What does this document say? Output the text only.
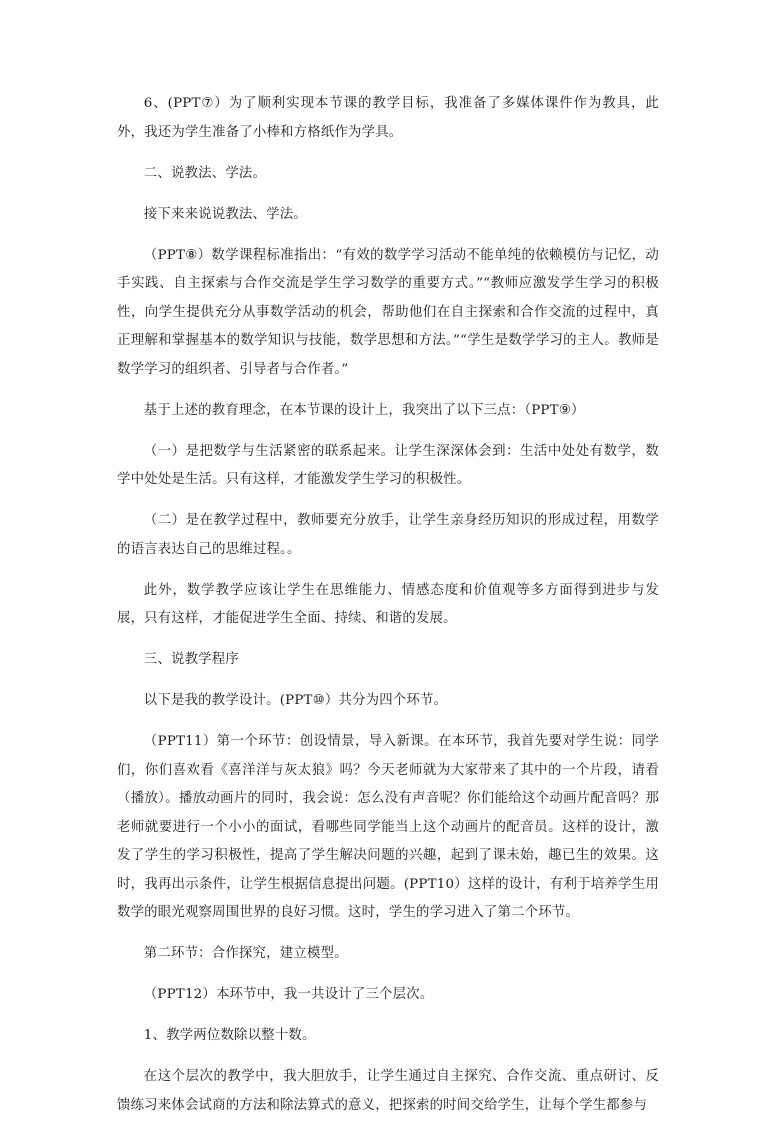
6、(PPT⑦）为了顺利实现本节课的教学目标，我准备了多媒体课件作为教具，此外，我还为学生准备了小棒和方格纸作为学具。

二、说教法、学法。

接下来来说说教法、学法。

（PPT⑧）数学课程标准指出：“有效的数学学习活动不能单纯的依赖模仿与记忆，动手实践、自主探索与合作交流是学生学习数学的重要方式。”“教师应激发学生学习的积极性，向学生提供充分从事数学活动的机会，帮助他们在自主探索和合作交流的过程中，真正理解和掌握基本的数学知识与技能，数学思想和方法。”“学生是数学学习的主人。教师是数学学习的组织者、引导者与合作者。”

基于上述的教育理念，在本节课的设计上，我突出了以下三点：（PPT⑨）

（一）是把数学与生活紧密的联系起来。让学生深深体会到：生活中处处有数学，数学中处处是生活。只有这样，才能激发学生学习的积极性。

（二）是在教学过程中，教师要充分放手，让学生亲身经历知识的形成过程，用数学的语言表达自己的思维过程。。

此外，数学教学应该让学生在思维能力、情感态度和价值观等多方面得到进步与发展，只有这样，才能促进学生全面、持续、和谐的发展。

三、说教学程序

以下是我的教学设计。(PPT⑩）共分为四个环节。

（PPT11）第一个环节：创设情景，导入新课。在本环节，我首先要对学生说：同学们，你们喜欢看《喜洋洋与灰太狼》吗？今天老师就为大家带来了其中的一个片段，请看（播放）。播放动画片的同时，我会说：怎么没有声音呢？你们能给这个动画片配音吗？那老师就要进行一个小小的面试，看哪些同学能当上这个动画片的配音员。这样的设计，激发了学生的学习积极性，提高了学生解决问题的兴趣，起到了课未始，趣已生的效果。这时，我再出示条件，让学生根据信息提出问题。(PPT10）这样的设计，有利于培养学生用数学的眼光观察周围世界的良好习惯。这时，学生的学习进入了第二个环节。

第二环节：合作探究，建立模型。

（PPT12）本环节中，我一共设计了三个层次。

1、教学两位数除以整十数。

在这个层次的教学中，我大胆放手，让学生通过自主探究、合作交流、重点研讨、反馈练习来体会试商的方法和除法算式的意义，把探索的时间交给学生，让每个学生都参与
